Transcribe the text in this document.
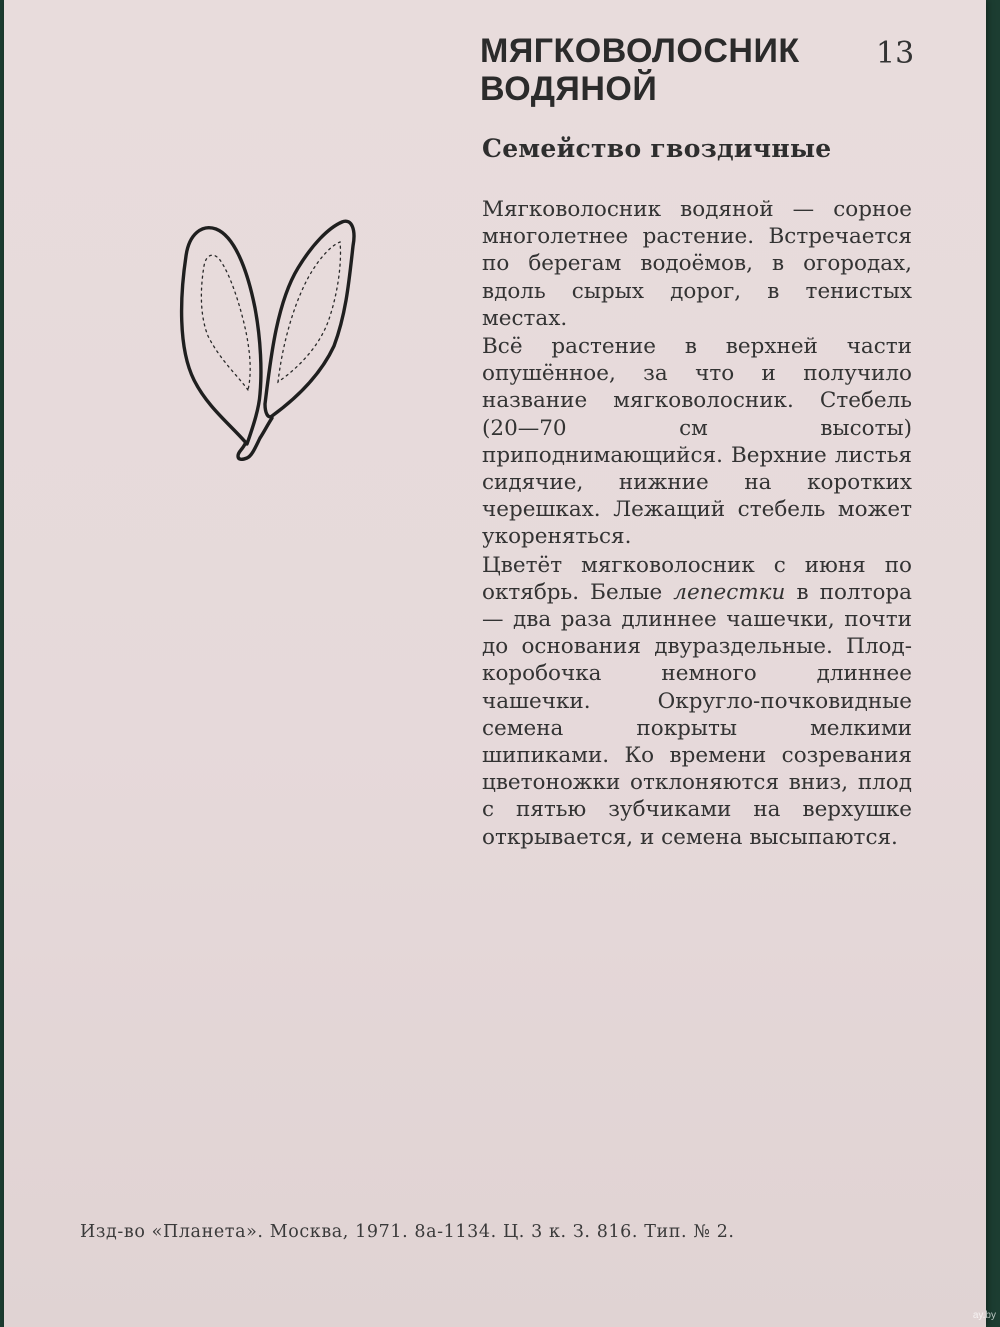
МЯГКОВОЛОСНИК
ВОДЯНОЙ
13
Семейство гвоздичные

Мягковолосник водяной — сорное многолетнее растение. Встречается по берегам водоёмов, в огородах, вдоль сырых дорог, в тенистых местах.

Всё растение в верхней части опушённое, за что и получило название мягковолосник. Стебель (20—70 см высоты) приподнимающийся. Верхние листья сидячие, нижние на коротких черешках. Лежащий стебель может укореняться.

Цветёт мягковолосник с июня по октябрь. Белые лепестки в полтора — два раза длиннее чашечки, почти до основания двураздельные. Плод-коробочка немного длиннее чашечки. Округло-почковидные семена покрыты мелкими шипиками. Ко времени созревания цветоножки отклоняются вниз, плод с пятью зубчиками на верхушке открывается, и семена высыпаются.

Изд-во «Планета». Москва, 1971. 8а-1134. Ц. 3 к. З. 816. Тип. № 2.
ay.by
